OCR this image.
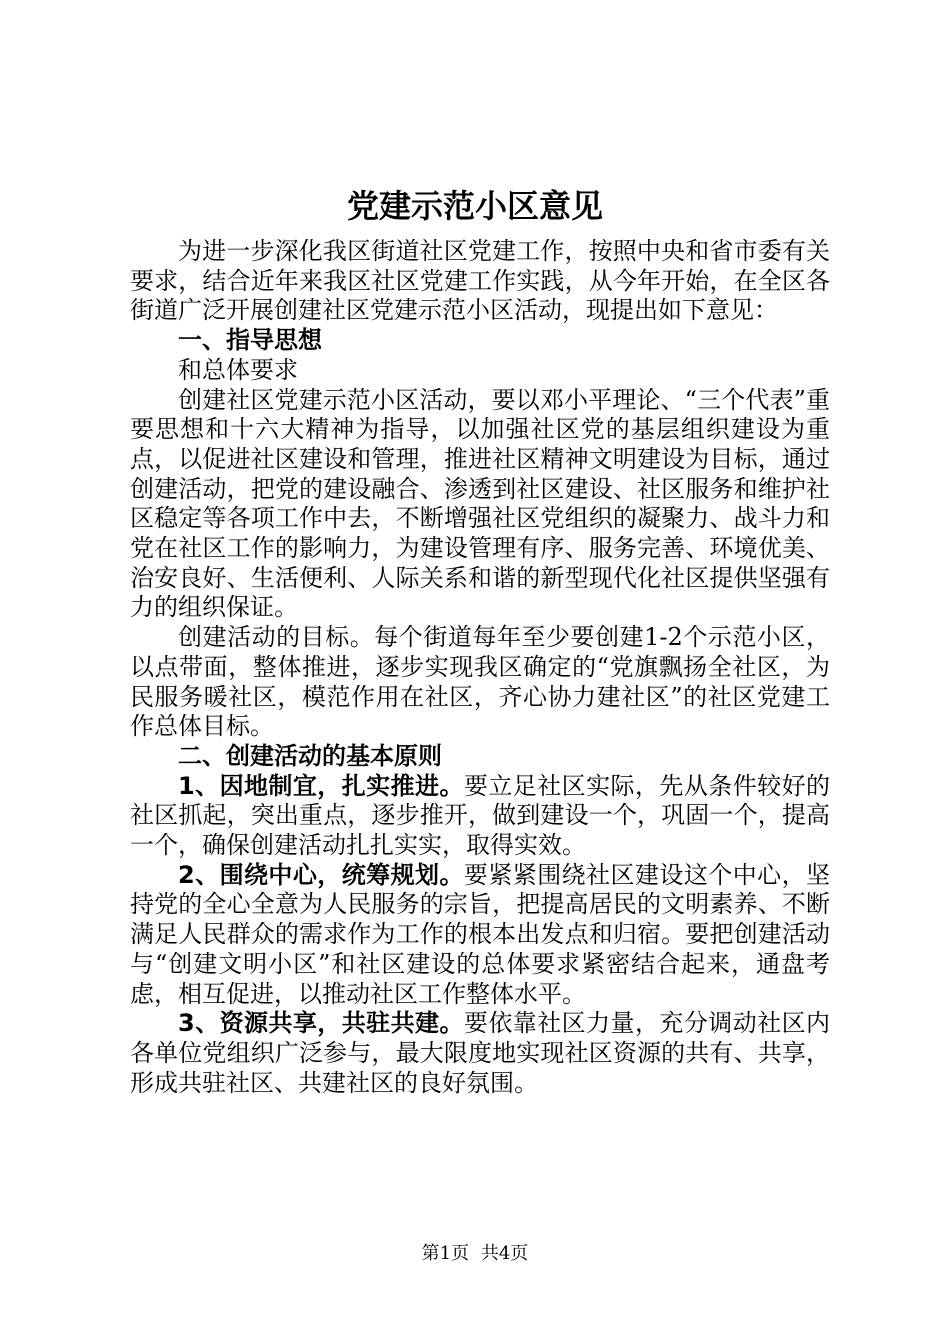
党建示范小区意见

为进一步深化我区街道社区党建工作，按照中央和省市委有关要求，结合近年来我区社区党建工作实践，从今年开始，在全区各街道广泛开展创建社区党建示范小区活动，现提出如下意见：

一、指导思想

和总体要求

创建社区党建示范小区活动，要以邓小平理论、“三个代表”重要思想和十六大精神为指导，以加强社区党的基层组织建设为重点，以促进社区建设和管理，推进社区精神文明建设为目标，通过创建活动，把党的建设融合、渗透到社区建设、社区服务和维护社区稳定等各项工作中去，不断增强社区党组织的凝聚力、战斗力和党在社区工作的影响力，为建设管理有序、服务完善、环境优美、治安良好、生活便利、人际关系和谐的新型现代化社区提供坚强有力的组织保证。

创建活动的目标。每个街道每年至少要创建1-2个示范小区，以点带面，整体推进，逐步实现我区确定的“党旗飘扬全社区，为民服务暖社区，模范作用在社区，齐心协力建社区”的社区党建工作总体目标。

二、创建活动的基本原则

1、因地制宜，扎实推进。要立足社区实际，先从条件较好的社区抓起，突出重点，逐步推开，做到建设一个，巩固一个，提高一个，确保创建活动扎扎实实，取得实效。

2、围绕中心，统筹规划。要紧紧围绕社区建设这个中心，坚持党的全心全意为人民服务的宗旨，把提高居民的文明素养、不断满足人民群众的需求作为工作的根本出发点和归宿。要把创建活动与“创建文明小区”和社区建设的总体要求紧密结合起来，通盘考虑，相互促进，以推动社区工作整体水平。

3、资源共享，共驻共建。要依靠社区力量，充分调动社区内各单位党组织广泛参与，最大限度地实现社区资源的共有、共享，形成共驻社区、共建社区的良好氛围。

第1页 共4页
